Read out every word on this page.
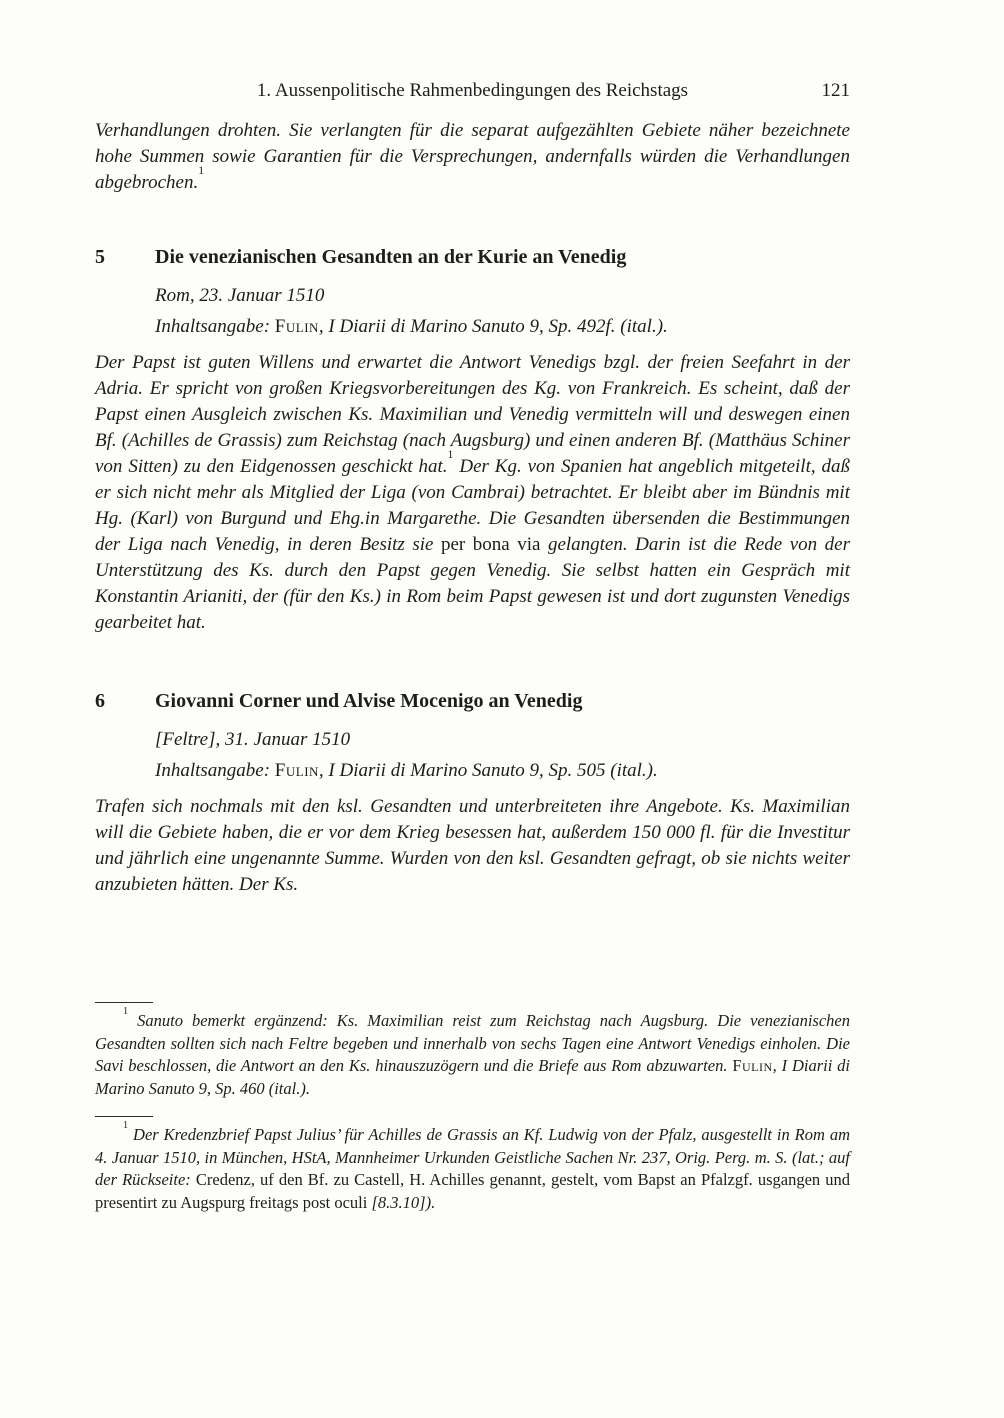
1. Aussenpolitische Rahmenbedingungen des Reichstags	121

Verhandlungen drohten. Sie verlangten für die separat aufgezählten Gebiete näher bezeichnete hohe Summen sowie Garantien für die Versprechungen, andernfalls würden die Verhandlungen abgebrochen.$^1$

5	Die venezianischen Gesandten an der Kurie an Venedig

Rom, 23. Januar 1510

Inhaltsangabe: Fulin, I Diarii di Marino Sanuto 9, Sp. 492f. (ital.).

Der Papst ist guten Willens und erwartet die Antwort Venedigs bzgl. der freien Seefahrt in der Adria. Er spricht von großen Kriegsvorbereitungen des Kg. von Frankreich. Es scheint, daß der Papst einen Ausgleich zwischen Ks. Maximilian und Venedig vermitteln will und deswegen einen Bf. (Achilles de Grassis) zum Reichstag (nach Augsburg) und einen anderen Bf. (Matthäus Schiner von Sitten) zu den Eidgenossen geschickt hat.$^1$ Der Kg. von Spanien hat angeblich mitgeteilt, daß er sich nicht mehr als Mitglied der Liga (von Cambrai) betrachtet. Er bleibt aber im Bündnis mit Hg. (Karl) von Burgund und Ehg.in Margarethe. Die Gesandten übersenden die Bestimmungen der Liga nach Venedig, in deren Besitz sie per bona via gelangten. Darin ist die Rede von der Unterstützung des Ks. durch den Papst gegen Venedig. Sie selbst hatten ein Gespräch mit Konstantin Arianiti, der (für den Ks.) in Rom beim Papst gewesen ist und dort zugunsten Venedigs gearbeitet hat.

6	Giovanni Corner und Alvise Mocenigo an Venedig

[Feltre], 31. Januar 1510

Inhaltsangabe: Fulin, I Diarii di Marino Sanuto 9, Sp. 505 (ital.).

Trafen sich nochmals mit den ksl. Gesandten und unterbreiteten ihre Angebote. Ks. Maximilian will die Gebiete haben, die er vor dem Krieg besessen hat, außerdem 150 000 fl. für die Investitur und jährlich eine ungenannte Summe. Wurden von den ksl. Gesandten gefragt, ob sie nichts weiter anzubieten hätten. Der Ks.

$^1$ Sanuto bemerkt ergänzend: Ks. Maximilian reist zum Reichstag nach Augsburg. Die venezianischen Gesandten sollten sich nach Feltre begeben und innerhalb von sechs Tagen eine Antwort Venedigs einholen. Die Savi beschlossen, die Antwort an den Ks. hinauszuzögern und die Briefe aus Rom abzuwarten. Fulin, I Diarii di Marino Sanuto 9, Sp. 460 (ital.).

$^1$ Der Kredenzbrief Papst Julius’ für Achilles de Grassis an Kf. Ludwig von der Pfalz, ausgestellt in Rom am 4. Januar 1510, in München, HStA, Mannheimer Urkunden Geistliche Sachen Nr. 237, Orig. Perg. m. S. (lat.; auf der Rückseite: Credenz, uf den Bf. zu Castell, H. Achilles genannt, gestelt, vom Bapst an Pfalzgf. usgangen und presentirt zu Augspurg freitags post oculi [8.3.10]).
